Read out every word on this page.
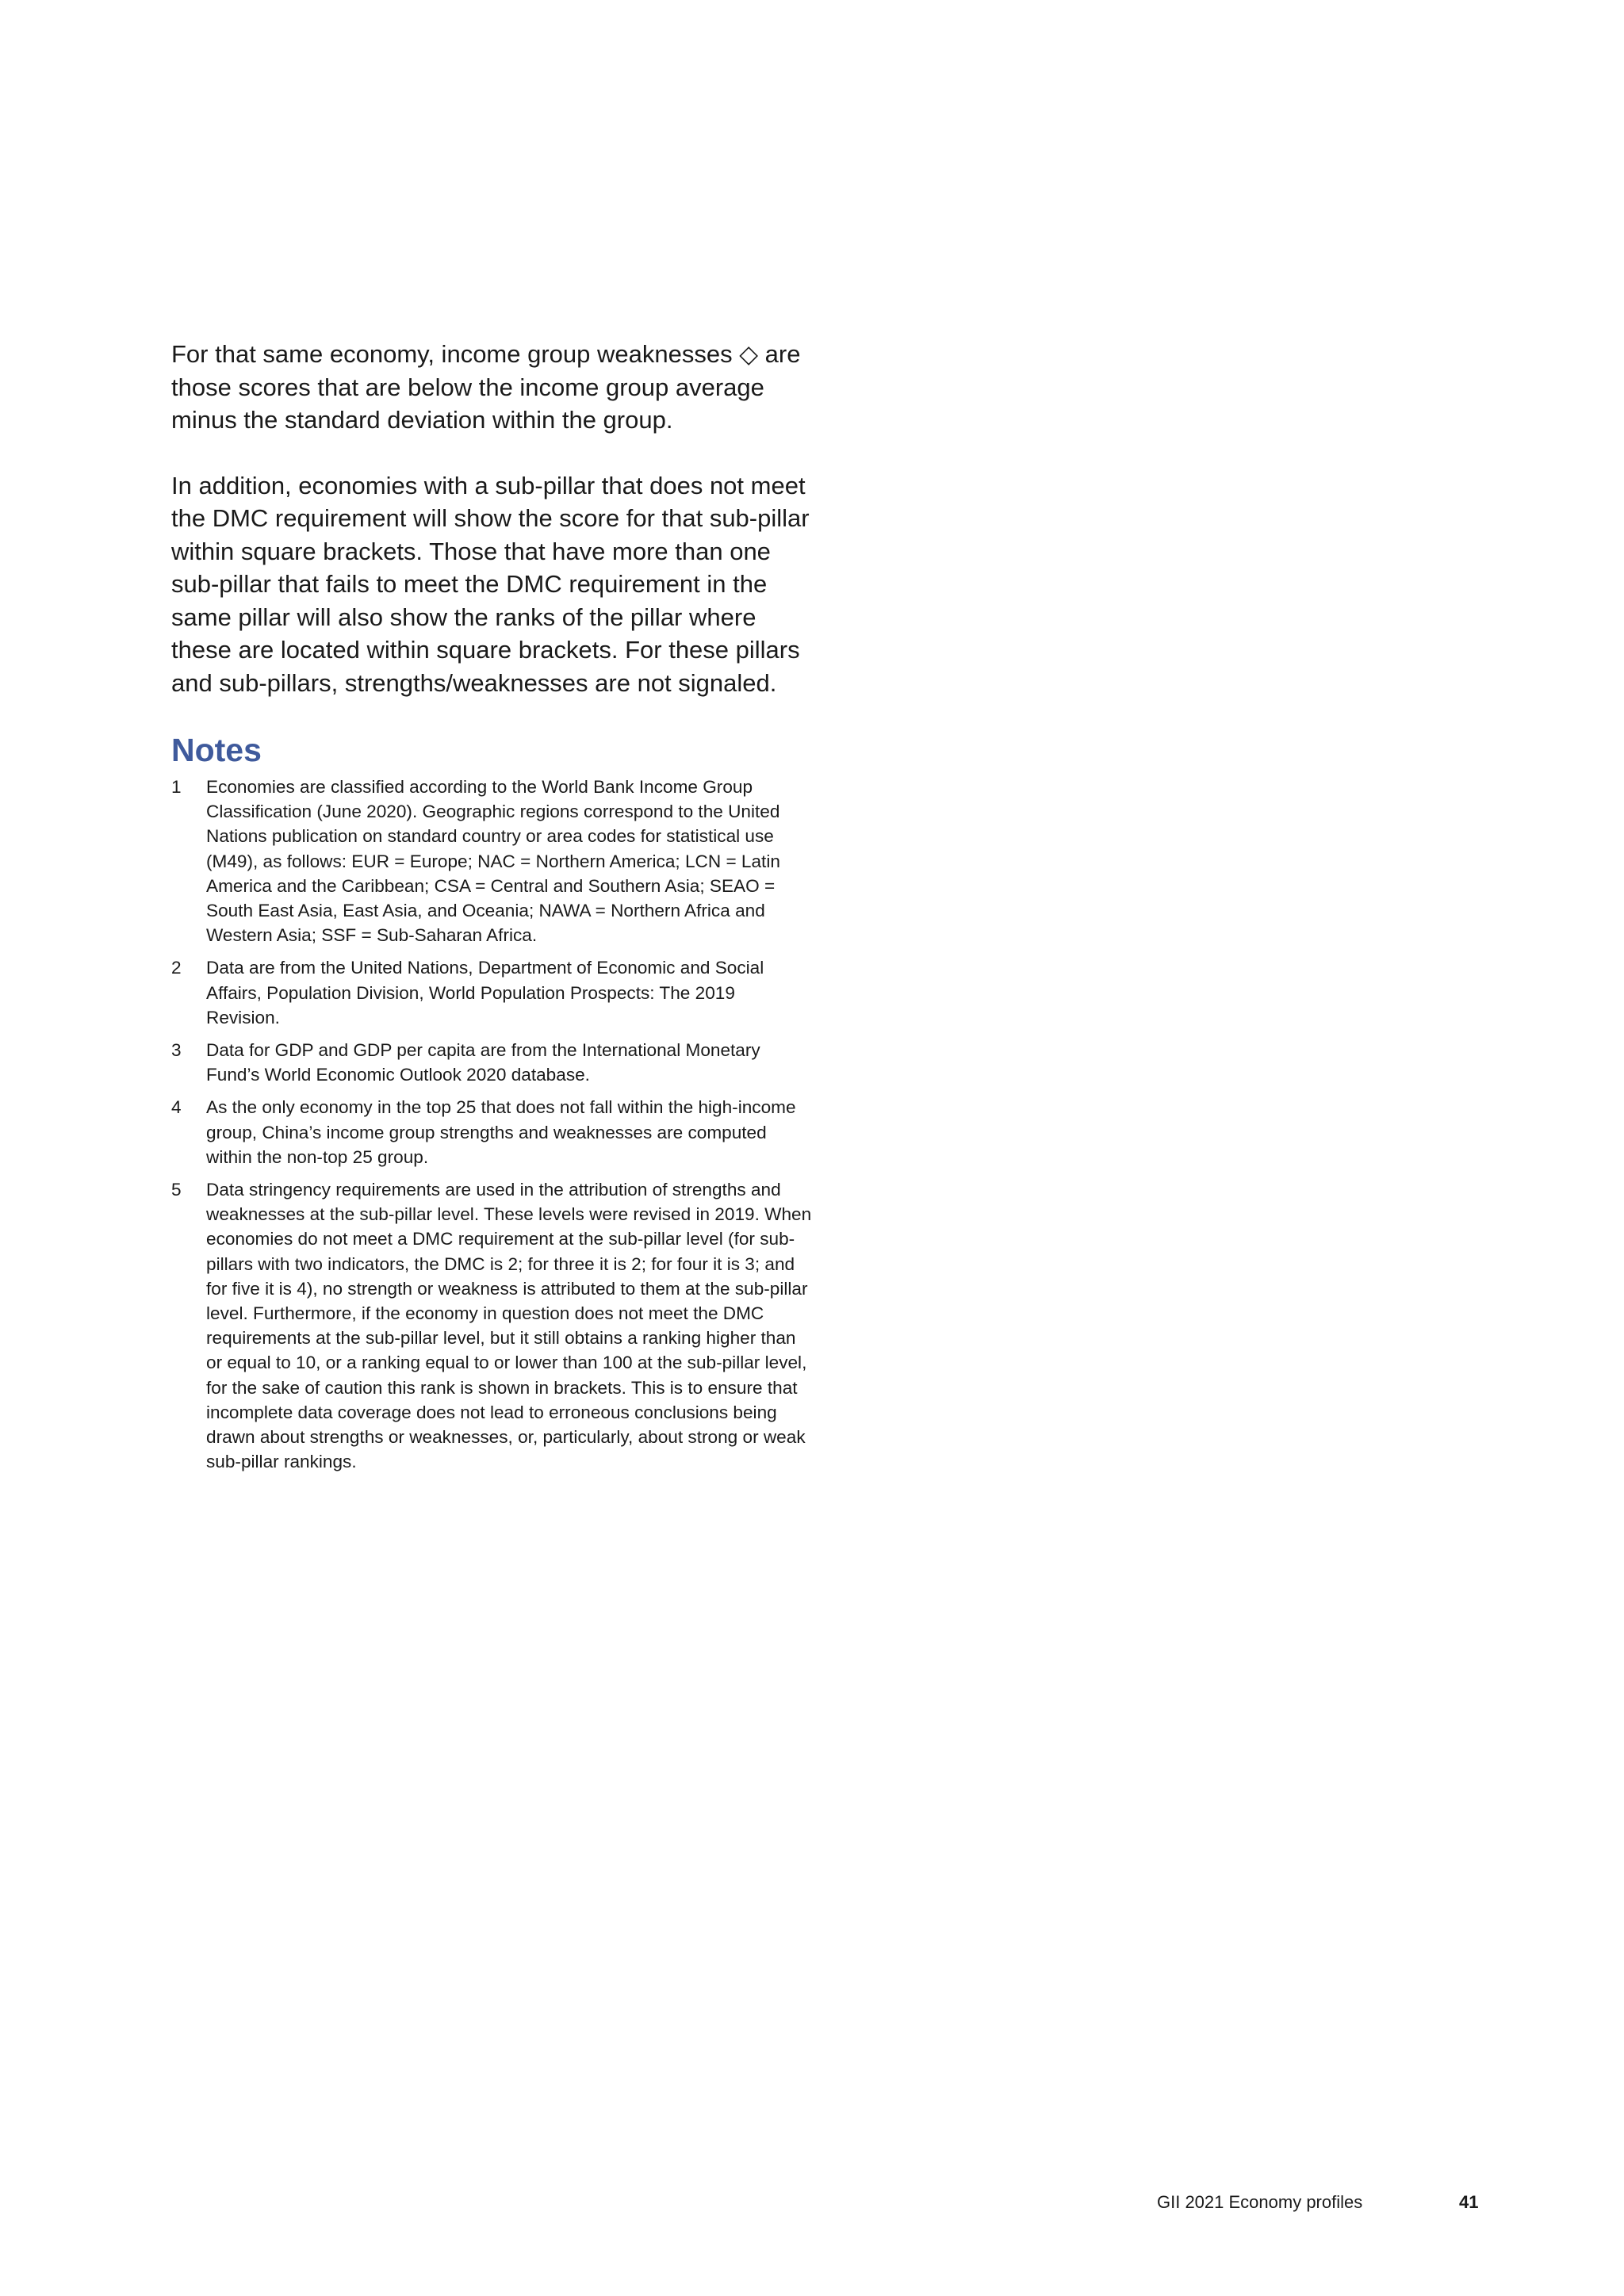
For that same economy, income group weaknesses ◇ are those scores that are below the income group average minus the standard deviation within the group.

In addition, economies with a sub-pillar that does not meet the DMC requirement will show the score for that sub-pillar within square brackets. Those that have more than one sub-pillar that fails to meet the DMC requirement in the same pillar will also show the ranks of the pillar where these are located within square brackets. For these pillars and sub-pillars, strengths/weaknesses are not signaled.

Notes
1 Economies are classified according to the World Bank Income Group Classification (June 2020). Geographic regions correspond to the United Nations publication on standard country or area codes for statistical use (M49), as follows: EUR = Europe; NAC = Northern America; LCN = Latin America and the Caribbean; CSA = Central and Southern Asia; SEAO = South East Asia, East Asia, and Oceania; NAWA = Northern Africa and Western Asia; SSF = Sub-Saharan Africa.
2 Data are from the United Nations, Department of Economic and Social Affairs, Population Division, World Population Prospects: The 2019 Revision.
3 Data for GDP and GDP per capita are from the International Monetary Fund’s World Economic Outlook 2020 database.
4 As the only economy in the top 25 that does not fall within the high-income group, China’s income group strengths and weaknesses are computed within the non-top 25 group.
5 Data stringency requirements are used in the attribution of strengths and weaknesses at the sub-pillar level. These levels were revised in 2019. When economies do not meet a DMC requirement at the sub-pillar level (for sub-pillars with two indicators, the DMC is 2; for three it is 2; for four it is 3; and for five it is 4), no strength or weakness is attributed to them at the sub-pillar level. Furthermore, if the economy in question does not meet the DMC requirements at the sub-pillar level, but it still obtains a ranking higher than or equal to 10, or a ranking equal to or lower than 100 at the sub-pillar level, for the sake of caution this rank is shown in brackets. This is to ensure that incomplete data coverage does not lead to erroneous conclusions being drawn about strengths or weaknesses, or, particularly, about strong or weak sub-pillar rankings.
GII 2021 Economy profiles	41
